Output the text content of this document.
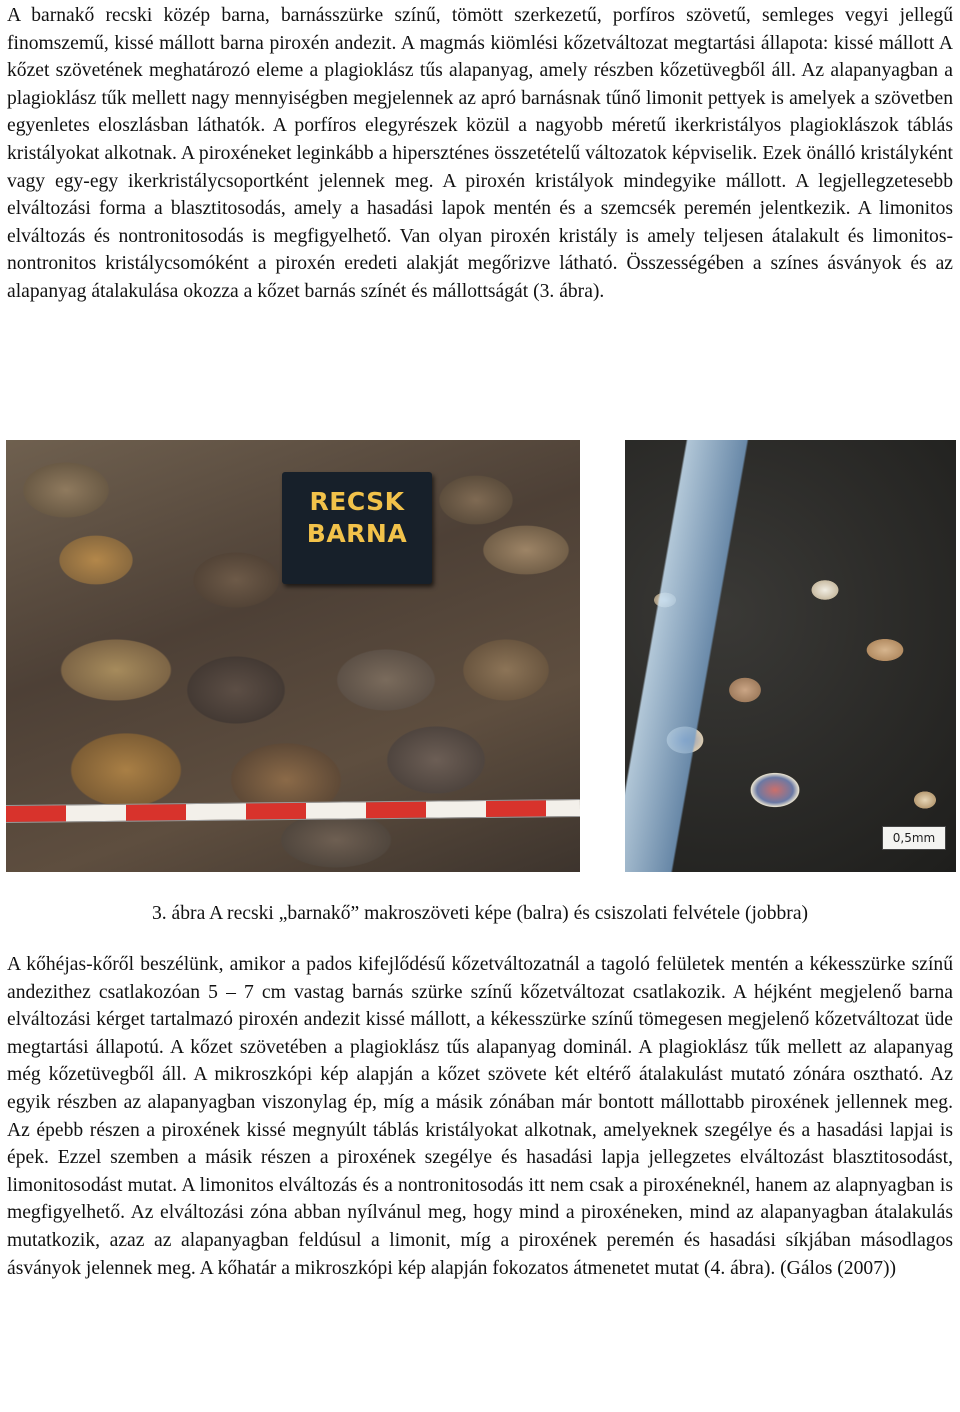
A barnakő recski közép barna, barnásszürke színű, tömött szerkezetű, porfíros szövetű, semleges vegyi jellegű finomszemű, kissé mállott barna piroxén andezit. A magmás kiömlési kőzetváltozat megtartási állapota: kissé mállott A kőzet szövetének meghatározó eleme a plagioklász tűs alapanyag, amely részben kőzetüvegből áll. Az alapanyagban a plagioklász tűk mellett nagy mennyiségben megjelennek az apró barnásnak tűnő limonit pettyek is amelyek a szövetben egyenletes eloszlásban láthatók. A porfíros elegyrészek közül a nagyobb méretű ikerkristályos plagioklászok táblás kristályokat alkotnak. A piroxéneket leginkább a hiperszténes összetételű változatok képviselik. Ezek önálló kristályként vagy egy-egy ikerkristálycsoportként jelennek meg. A piroxén kristályok mindegyike mállott. A legjellegzetesebb elváltozási forma a blasztitosodás, amely a hasadási lapok mentén és a szemcsék peremén jelentkezik. A limonitos elváltozás és nontronitosodás is megfigyelhető. Van olyan piroxén kristály is amely teljesen átalakult és limonitos-nontronitos kristálycsomóként a piroxén eredeti alakját megőrizve látható. Összességében a színes ásványok és az alapanyag átalakulása okozza a kőzet barnás színét és mállottságát (3. ábra).

RECSK
BARNA
0,5mm
3. ábra A recski „barnakő” makroszöveti képe (balra) és csiszolati felvétele (jobbra)

A kőhéjas-kőről beszélünk, amikor a pados kifejlődésű kőzetváltozatnál a tagoló felületek mentén a kékesszürke színű andezithez csatlakozóan 5 – 7 cm vastag barnás szürke színű kőzetváltozat csatlakozik. A héjként megjelenő barna elváltozási kérget tartalmazó piroxén andezit kissé mállott, a kékesszürke színű tömegesen megjelenő kőzetváltozat üde megtartási állapotú. A kőzet szövetében a plagioklász tűs alapanyag dominál. A plagioklász tűk mellett az alapanyag még kőzetüvegből áll. A mikroszkópi kép alapján a kőzet szövete két eltérő átalakulást mutató zónára osztható. Az egyik részben az alapanyagban viszonylag ép, míg a másik zónában már bontott mállottabb piroxének jellennek meg. Az épebb részen a piroxének kissé megnyúlt táblás kristályokat alkotnak, amelyeknek szegélye és a hasadási lapjai is épek. Ezzel szemben a másik részen a piroxének szegélye és hasadási lapja jellegzetes elváltozást blasztitosodást, limonitosodást mutat. A limonitos elváltozás és a nontronitosodás itt nem csak a piroxéneknél, hanem az alapnyagban is megfigyelhető. Az elváltozási zóna abban nyílvánul meg, hogy mind a piroxéneken, mind az alapanyagban átalakulás mutatkozik, azaz az alapanyagban feldúsul a limonit, míg a piroxének peremén és hasadási síkjában másodlagos ásványok jelennek meg. A kőhatár a mikroszkópi kép alapján fokozatos átmenetet mutat (4. ábra). (Gálos (2007))
